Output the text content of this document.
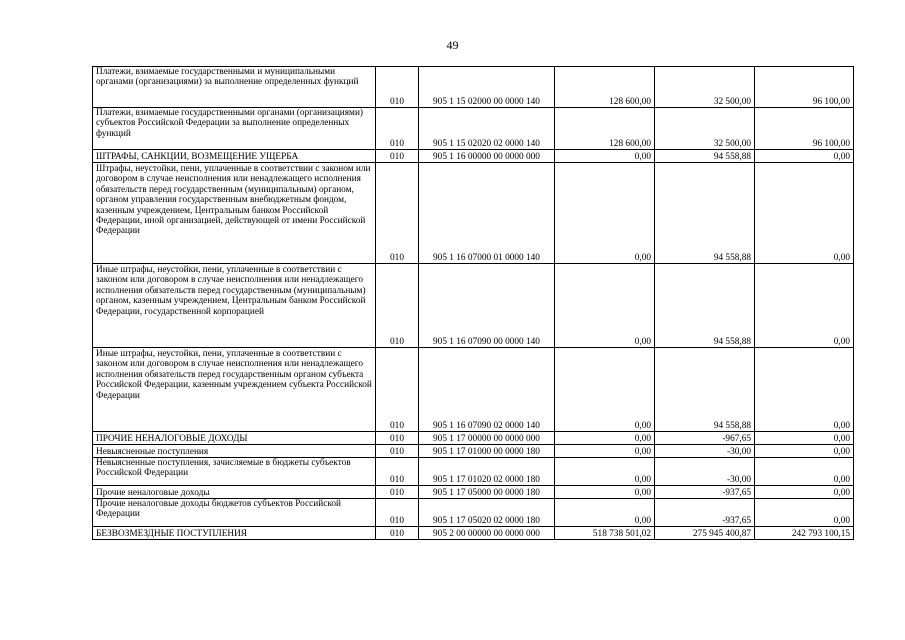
49
Платежи, взимаемые государственными и муниципальными органами (организациями) за выполнение определенных функций	010	905 1 15 02000 00 0000 140	128 600,00	32 500,00	96 100,00
Платежи, взимаемые государственными органами (организациями) субъектов Российской Федерации за выполнение определенных функций	010	905 1 15 02020 02 0000 140	128 600,00	32 500,00	96 100,00
ШТРАФЫ, САНКЦИИ, ВОЗМЕЩЕНИЕ УЩЕРБА	010	905 1 16 00000 00 0000 000	0,00	94 558,88	0,00
Штрафы, неустойки, пени, уплаченные в соответствии с законом или договором в случае неисполнения или ненадлежащего исполнения обязательств перед государственным (муниципальным) органом, органом управления государственным внебюджетным фондом, казенным учреждением, Центральным банком Российской Федерации, иной организацией, действующей от имени Российской Федерации	010	905 1 16 07000 01 0000 140	0,00	94 558,88	0,00
Иные штрафы, неустойки, пени, уплаченные в соответствии с законом или договором в случае неисполнения или ненадлежащего исполнения обязательств перед государственным (муниципальным) органом, казенным учреждением, Центральным банком Российской Федерации, государственной корпорацией	010	905 1 16 07090 00 0000 140	0,00	94 558,88	0,00
Иные штрафы, неустойки, пени, уплаченные в соответствии с законом или договором в случае неисполнения или ненадлежащего исполнения обязательств перед государственным органом субъекта Российской Федерации, казенным учреждением субъекта Российской Федерации	010	905 1 16 07090 02 0000 140	0,00	94 558,88	0,00
ПРОЧИЕ НЕНАЛОГОВЫЕ ДОХОДЫ	010	905 1 17 00000 00 0000 000	0,00	-967,65	0,00
Невыясненные поступления	010	905 1 17 01000 00 0000 180	0,00	-30,00	0,00
Невыясненные поступления, зачисляемые в бюджеты субъектов Российской Федерации	010	905 1 17 01020 02 0000 180	0,00	-30,00	0,00
Прочие неналоговые доходы	010	905 1 17 05000 00 0000 180	0,00	-937,65	0,00
Прочие неналоговые доходы бюджетов субъектов Российской Федерации	010	905 1 17 05020 02 0000 180	0,00	-937,65	0,00
БЕЗВОЗМЕЗДНЫЕ ПОСТУПЛЕНИЯ	010	905 2 00 00000 00 0000 000	518 738 501,02	275 945 400,87	242 793 100,15
